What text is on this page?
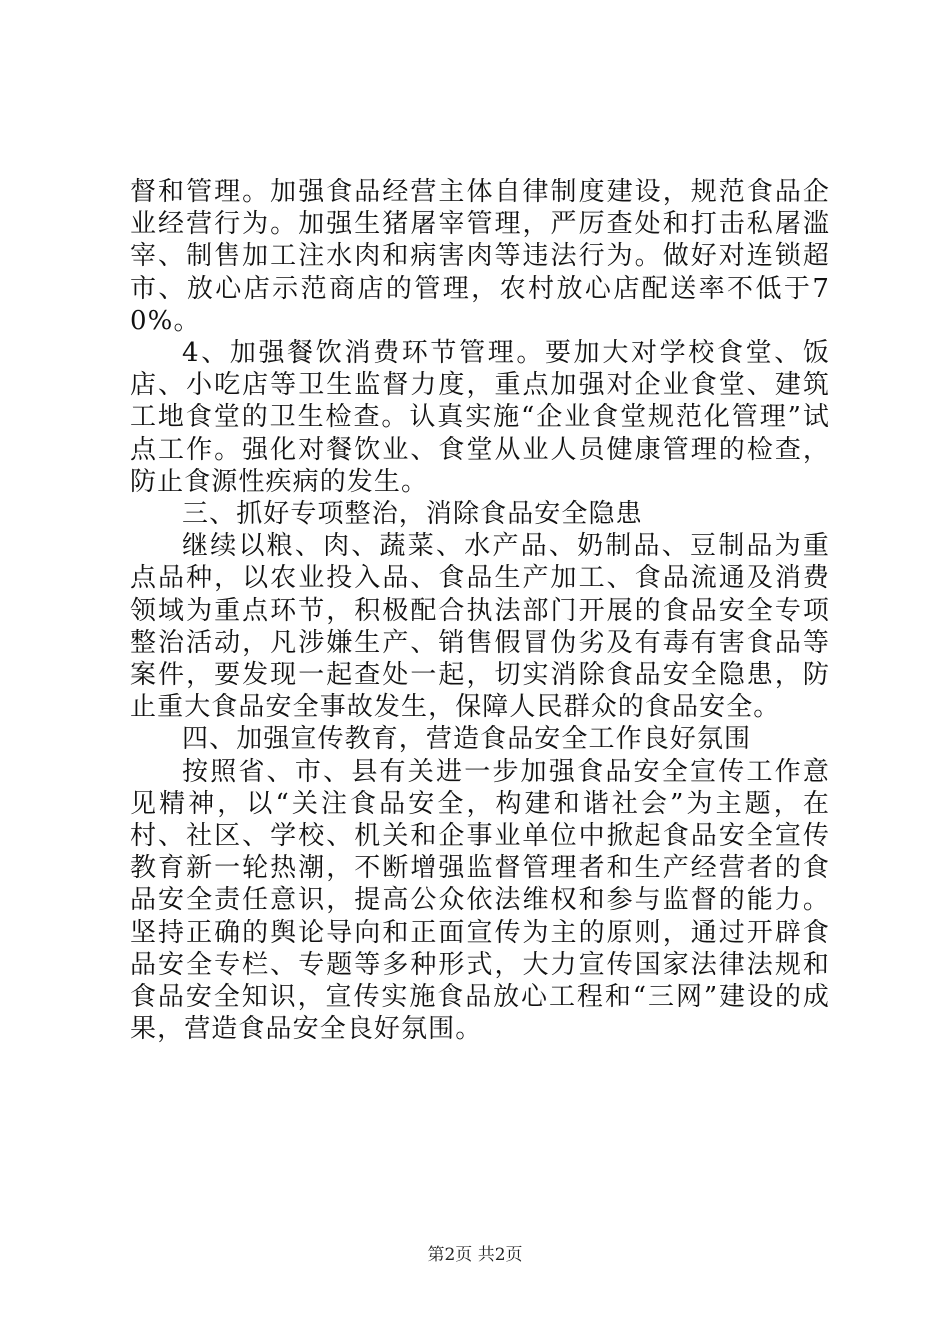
督和管理。加强食品经营主体自律制度建设，规范食品企业经营行为。加强生猪屠宰管理，严厉查处和打击私屠滥宰、制售加工注水肉和病害肉等违法行为。做好对连锁超市、放心店示范商店的管理，农村放心店配送率不低于70%。

4、加强餐饮消费环节管理。要加大对学校食堂、饭店、小吃店等卫生监督力度，重点加强对企业食堂、建筑工地食堂的卫生检查。认真实施“企业食堂规范化管理”试点工作。强化对餐饮业、食堂从业人员健康管理的检查，防止食源性疾病的发生。

三、抓好专项整治，消除食品安全隐患

继续以粮、肉、蔬菜、水产品、奶制品、豆制品为重点品种，以农业投入品、食品生产加工、食品流通及消费领域为重点环节，积极配合执法部门开展的食品安全专项整治活动，凡涉嫌生产、销售假冒伪劣及有毒有害食品等案件，要发现一起查处一起，切实消除食品安全隐患，防止重大食品安全事故发生，保障人民群众的食品安全。

四、加强宣传教育，营造食品安全工作良好氛围

按照省、市、县有关进一步加强食品安全宣传工作意见精神，以“关注食品安全，构建和谐社会”为主题，在村、社区、学校、机关和企事业单位中掀起食品安全宣传教育新一轮热潮，不断增强监督管理者和生产经营者的食品安全责任意识，提高公众依法维权和参与监督的能力。坚持正确的舆论导向和正面宣传为主的原则，通过开辟食品安全专栏、专题等多种形式，大力宣传国家法律法规和食品安全知识，宣传实施食品放心工程和“三网”建设的成果，营造食品安全良好氛围。

第2页 共2页
